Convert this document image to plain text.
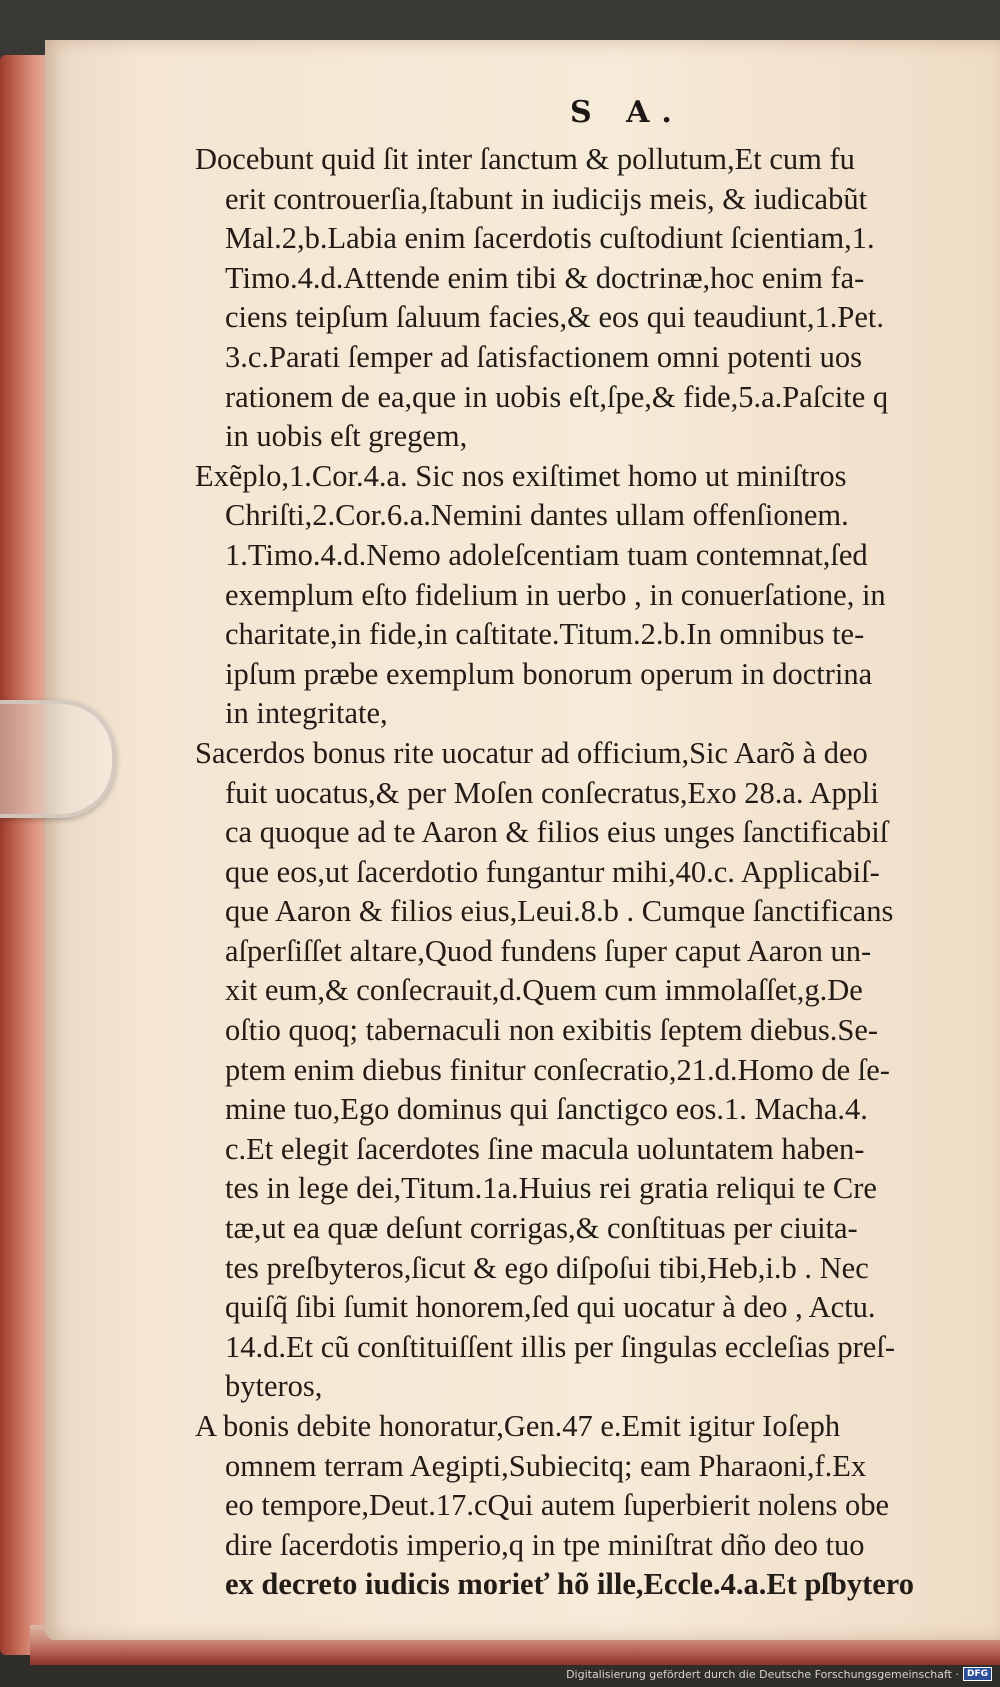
S A.
Docebunt quid ſit inter ſanctum & pollutum,Et cum fu
erit controuerſia,ſtabunt in iudicijs meis, & iudicabũt
Mal.2,b.Labia enim ſacerdotis cuſtodiunt ſcientiam,1.
Timo.4.d.Attende enim tibi & doctrinæ,hoc enim fa-
ciens teipſum ſaluum facies,& eos qui teaudiunt,1.Pet.
3.c.Parati ſemper ad ſatisfactionem omni potenti uos
rationem de ea,que in uobis eſt,ſpe,& fide,5.a.Paſcite q
in uobis eſt gregem,
Exẽplo,1.Cor.4.a. Sic nos exiſtimet homo ut miniſtros
Chriſti,2.Cor.6.a.Nemini dantes ullam offenſionem.
1.Timo.4.d.Nemo adoleſcentiam tuam contemnat,ſed
exemplum eſto fidelium in uerbo , in conuerſatione, in
charitate,in fide,in caſtitate.Titum.2.b.In omnibus te-
ipſum præbe exemplum bonorum operum in doctrina
in integritate,
Sacerdos bonus rite uocatur ad officium,Sic Aarõ à deo
fuit uocatus,& per Moſen conſecratus,Exo 28.a. Appli
ca quoque ad te Aaron & filios eius unges ſanctificabiſ
que eos,ut ſacerdotio fungantur mihi,40.c. Applicabiſ-
que Aaron & filios eius,Leui.8.b . Cumque ſanctificans
aſperſiſſet altare,Quod fundens ſuper caput Aaron un-
xit eum,& conſecrauit,d.Quem cum immolaſſet,g.De
oſtio quoq; tabernaculi non exibitis ſeptem diebus.Se-
ptem enim diebus finitur conſecratio,21.d.Homo de ſe-
mine tuo,Ego dominus qui ſanctigco eos.1. Macha.4.
c.Et elegit ſacerdotes ſine macula uoluntatem haben-
tes in lege dei,Titum.1a.Huius rei gratia reliqui te Cre
tæ,ut ea quæ deſunt corrigas,& conſtituas per ciuita-
tes preſbyteros,ſicut & ego diſpoſui tibi,Heb,i.b . Nec
quiſq̃ ſibi ſumit honorem,ſed qui uocatur à deo , Actu.
14.d.Et cũ conſtituiſſent illis per ſingulas eccleſias preſ-
byteros,
A bonis debite honoratur,Gen.47 e.Emit igitur Ioſeph
omnem terram Aegipti,Subiecitq; eam Pharaoni,f.Ex
eo tempore,Deut.17.cQui autem ſuperbierit nolens obe
dire ſacerdotis imperio,q in tpe miniſtrat dño deo tuo
ex decreto iudicis morieť hõ ille,Eccle.4.a.Et pſbytero
Digitalisierung gefördert durch die Deutsche Forschungsgemeinschaft · DFG
